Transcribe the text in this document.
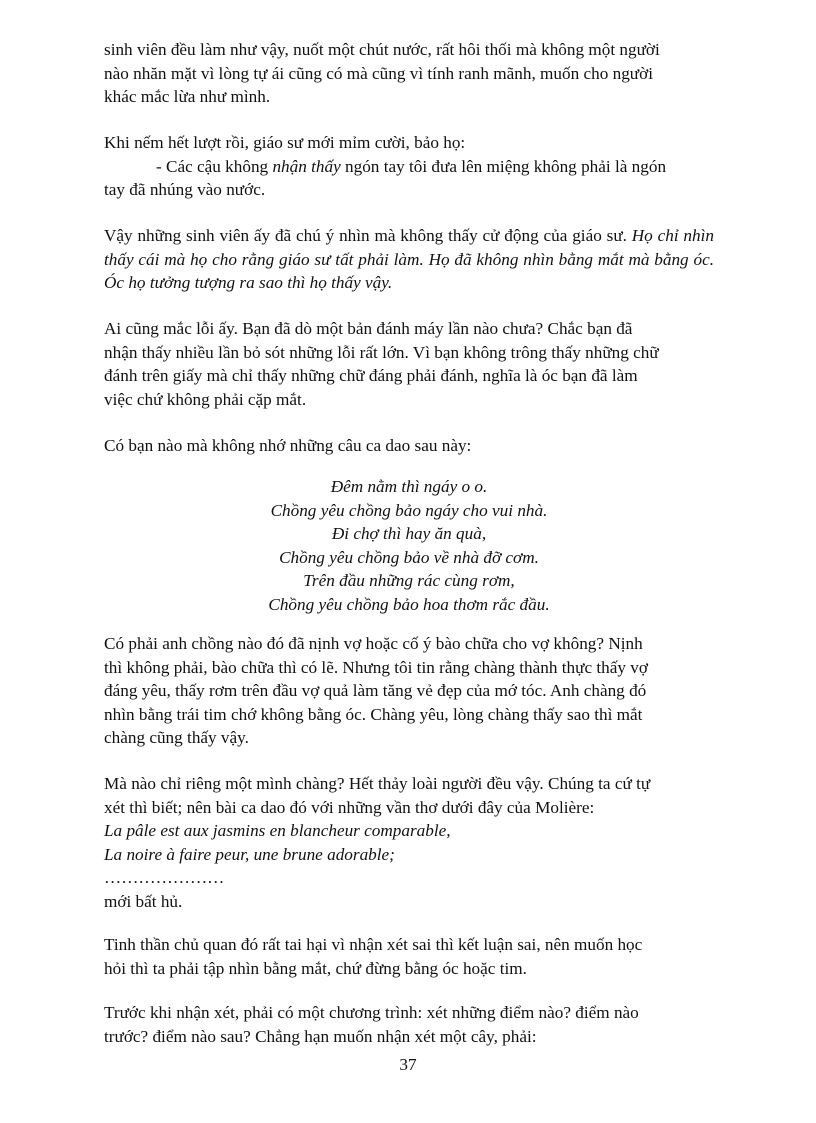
sinh viên đều làm như vậy, nuốt một chút nước, rất hôi thối mà không một người
nào nhăn mặt vì lòng tự ái cũng có mà cũng vì tính ranh mãnh, muốn cho người
khác mắc lừa như mình.

Khi nếm hết lượt rồi, giáo sư mới mỉm cười, bảo họ:
- Các cậu không nhận thấy ngón tay tôi đưa lên miệng không phải là ngón
tay đã nhúng vào nước.

Vậy những sinh viên ấy đã chú ý nhìn mà không thấy cử động của giáo sư. Họ chỉ nhìn thấy cái mà họ cho rằng giáo sư tất phải làm. Họ đã không nhìn bằng mắt mà bằng óc. Óc họ tưởng tượng ra sao thì họ thấy vậy.

Ai cũng mắc lỗi ấy. Bạn đã dò một bản đánh máy lần nào chưa? Chắc bạn đã
nhận thấy nhiều lần bỏ sót những lỗi rất lớn. Vì bạn không trông thấy những chữ
đánh trên giấy mà chỉ thấy những chữ đáng phải đánh, nghĩa là óc bạn đã làm
việc chứ không phải cặp mắt.

Có bạn nào mà không nhớ những câu ca dao sau này:

Đêm nằm thì ngáy o o.
Chồng yêu chồng bảo ngáy cho vui nhà.
Đi chợ thì hay ăn quà,
Chồng yêu chồng bảo về nhà đỡ cơm.
Trên đầu những rác cùng rơm,
Chồng yêu chồng bảo hoa thơm rắc đầu.

Có phải anh chồng nào đó đã nịnh vợ hoặc cố ý bào chữa cho vợ không? Nịnh
thì không phải, bào chữa thì có lẽ. Nhưng tôi tin rằng chàng thành thực thấy vợ
đáng yêu, thấy rơm trên đầu vợ quả làm tăng vẻ đẹp của mớ tóc. Anh chàng đó
nhìn bằng trái tim chớ không bằng óc. Chàng yêu, lòng chàng thấy sao thì mắt
chàng cũng thấy vậy.

Mà nào chỉ riêng một mình chàng? Hết thảy loài người đều vậy. Chúng ta cứ tự
xét thì biết; nên bài ca dao đó với những vần thơ dưới đây của Molière:
La pâle est aux jasmins en blancheur comparable,
La noire à faire peur, une brune adorable;
…………………
mới bất hủ.

Tinh thần chủ quan đó rất tai hại vì nhận xét sai thì kết luận sai, nên muốn học
hỏi thì ta phải tập nhìn bằng mắt, chứ đừng bằng óc hoặc tim.

Trước khi nhận xét, phải có một chương trình: xét những điểm nào? điểm nào
trước? điểm nào sau? Chẳng hạn muốn nhận xét một cây, phải:

37
